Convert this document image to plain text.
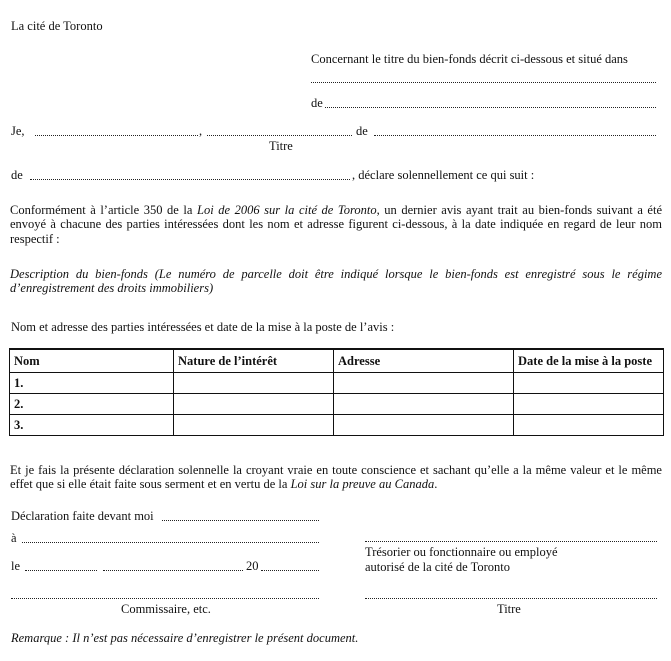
La cité de Toronto
Concernant le titre du bien-fonds décrit ci-dessous et situé dans
de
Je,	,	de
Titre
de	, déclare solennellement ce qui suit :
Conformément à l’article 350 de la Loi de 2006 sur la cité de Toronto, un dernier avis ayant trait au bien-fonds suivant a été envoyé à chacune des parties intéressées dont les nom et adresse figurent ci-dessous, à la date indiquée en regard de leur nom respectif :
Description du bien-fonds (Le numéro de parcelle doit être indiqué lorsque le bien-fonds est enregistré sous le régime d’enregistrement des droits immobiliers)
Nom et adresse des parties intéressées et date de la mise à la poste de l’avis :
Nom	Nature de l’intérêt	Adresse	Date de la mise à la poste
1.			
2.			
3.			
Et je fais la présente déclaration solennelle la croyant vraie en toute conscience et sachant qu’elle a la même valeur et le même effet que si elle était faite sous serment et en vertu de la Loi sur la preuve au Canada.
Déclaration faite devant moi
à
le	20
Commissaire, etc.
Trésorier ou fonctionnaire ou employé
autorisé de la cité de Toronto
Titre
Remarque : Il n’est pas nécessaire d’enregistrer le présent document.
